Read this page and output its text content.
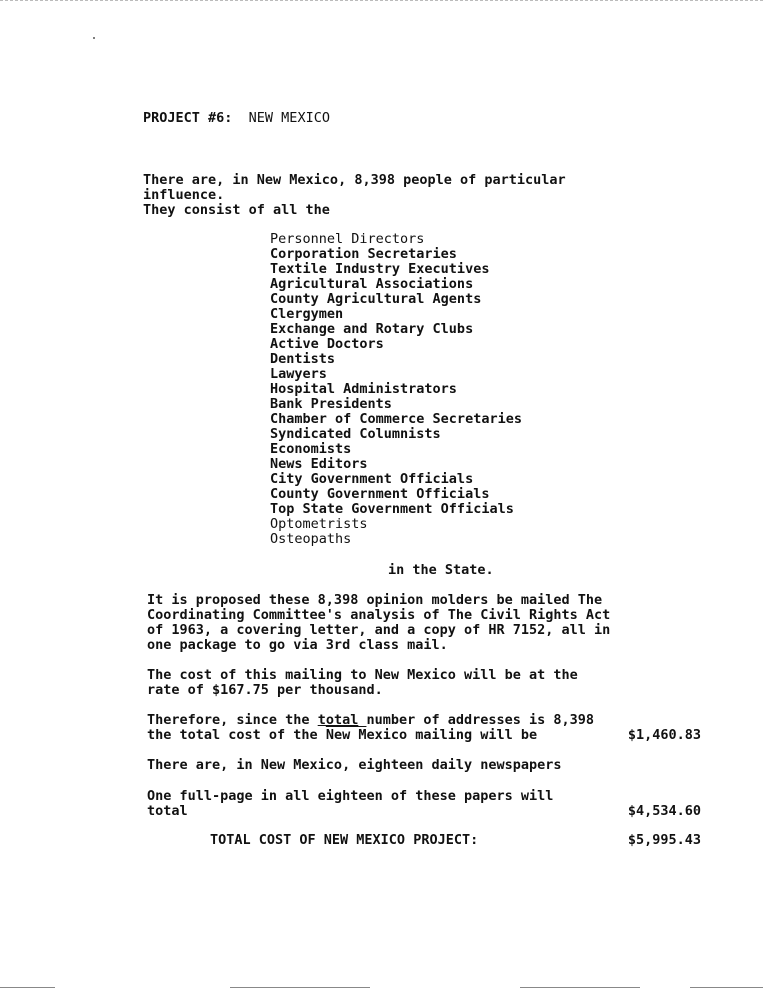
PROJECT #6: NEW MEXICO
There are, in New Mexico, 8,398 people of particular
influence.
They consist of all the
Personnel Directors
Corporation Secretaries
Textile Industry Executives
Agricultural Associations
County Agricultural Agents
Clergymen
Exchange and Rotary Clubs
Active Doctors
Dentists
Lawyers
Hospital Administrators
Bank Presidents
Chamber of Commerce Secretaries
Syndicated Columnists
Economists
News Editors
City Government Officials
County Government Officials
Top State Government Officials
Optometrists
Osteopaths
in the State.
It is proposed these 8,398 opinion molders be mailed The
Coordinating Committee's analysis of The Civil Rights Act
of 1963, a covering letter, and a copy of HR 7152, all in
one package to go via 3rd class mail.
The cost of this mailing to New Mexico will be at the
rate of $167.75 per thousand.
Therefore, since the total number of addresses is 8,398
the total cost of the New Mexico mailing will be	$1,460.83
There are, in New Mexico, eighteen daily newspapers
One full-page in all eighteen of these papers will
total	$4,534.60
TOTAL COST OF NEW MEXICO PROJECT:	$5,995.43
